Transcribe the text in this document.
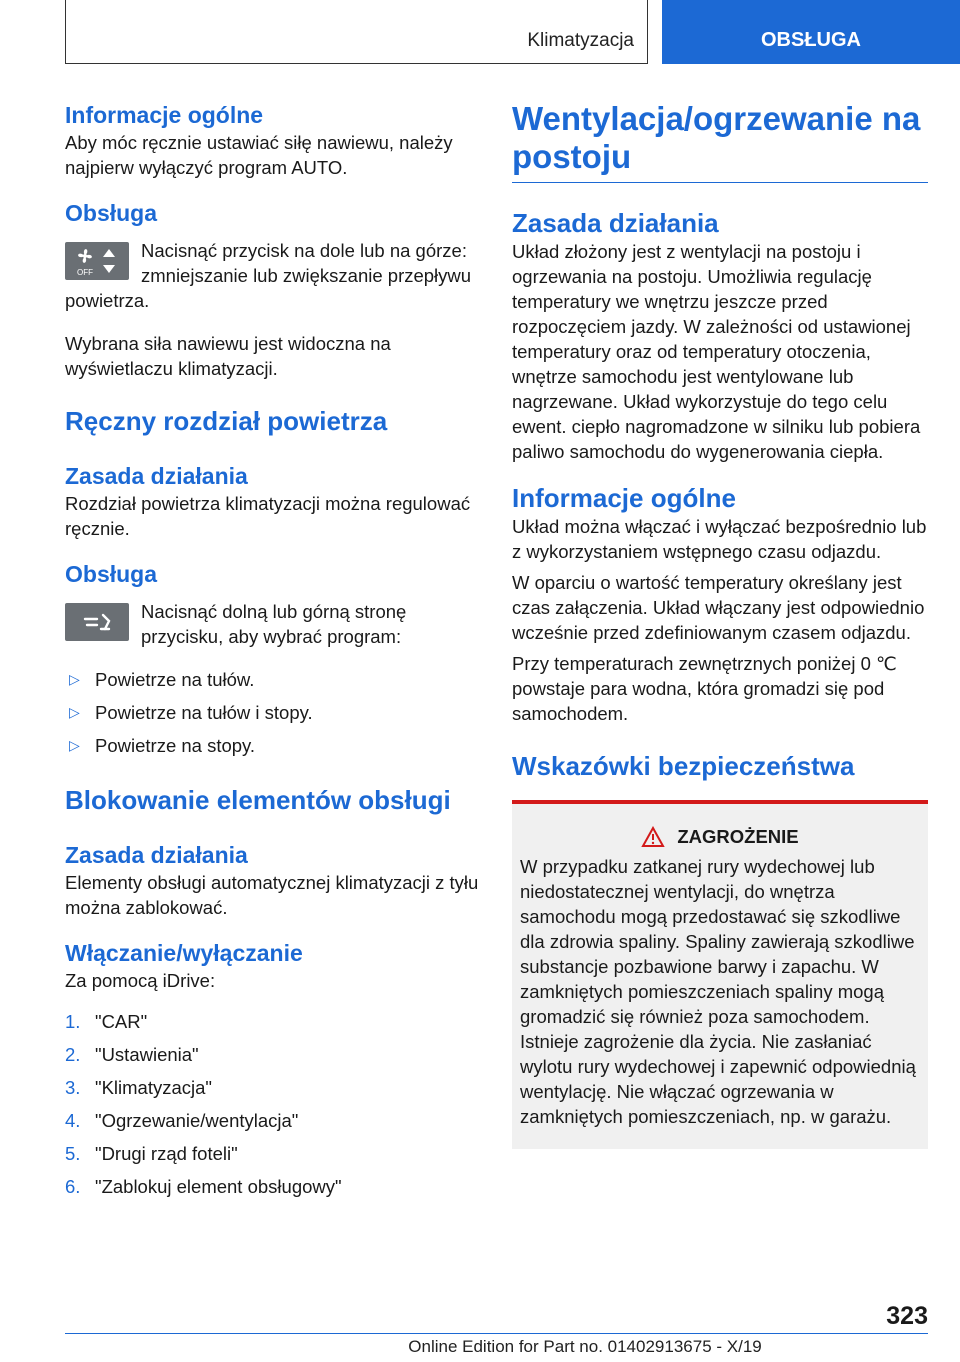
Klimatyzacja	OBSŁUGA
Informacje ogólne

Aby móc ręcznie ustawiać siłę nawiewu, należy najpierw wyłączyć program AUTO.

Obsługa
OFF

Nacisnąć przycisk na dole lub na górze: zmniejszanie lub zwiększanie przepływu powietrza.

Wybrana siła nawiewu jest widoczna na wyświetlaczu klimatyzacji.

Ręczny rozdział powietrza
Zasada działania

Rozdział powietrza klimatyzacji można regulować ręcznie.

Obsługa

Nacisnąć dolną lub górną stronę przycisku, aby wybrać program:

▷ Powietrze na tułów.
▷ Powietrze na tułów i stopy.
▷ Powietrze na stopy.
Blokowanie elementów obsługi
Zasada działania

Elementy obsługi automatycznej klimatyzacji z tyłu można zablokować.

Włączanie/wyłączanie

Za pomocą iDrive:

1. "CAR"
2. "Ustawienia"
3. "Klimatyzacja"
4. "Ogrzewanie/wentylacja"
5. "Drugi rząd foteli"
6. "Zablokuj element obsługowy"
Wentylacja/ogrzewanie na postoju
Zasada działania

Układ złożony jest z wentylacji na postoju i ogrzewania na postoju. Umożliwia regulację temperatury we wnętrzu jeszcze przed rozpoczęciem jazdy. W zależności od ustawionej temperatury oraz od temperatury otoczenia, wnętrze samochodu jest wentylowane lub nagrzewane. Układ wykorzystuje do tego celu ewent. ciepło nagromadzone w silniku lub pobiera paliwo samochodu do wygenerowania ciepła.

Informacje ogólne

Układ można włączać i wyłączać bezpośrednio lub z wykorzystaniem wstępnego czasu odjazdu.

W oparciu o wartość temperatury określany jest czas załączenia. Układ włączany jest odpowiednio wcześnie przed zdefiniowanym czasem odjazdu.

Przy temperaturach zewnętrznych poniżej 0 ℃ powstaje para wodna, która gromadzi się pod samochodem.

Wskazówki bezpieczeństwa
ZAGROŻENIE

W przypadku zatkanej rury wydechowej lub niedostatecznej wentylacji, do wnętrza samochodu mogą przedostawać się szkodliwe dla zdrowia spaliny. Spaliny zawierają szkodliwe substancje pozbawione barwy i zapachu. W zamkniętych pomieszczeniach spaliny mogą gromadzić się również poza samochodem. Istnieje zagrożenie dla życia. Nie zasłaniać wylotu rury wydechowej i zapewnić odpowiednią wentylację. Nie włączać ogrzewania w zamkniętych pomieszczeniach, np. w garażu.

323
Online Edition for Part no. 01402913675 - X/19
